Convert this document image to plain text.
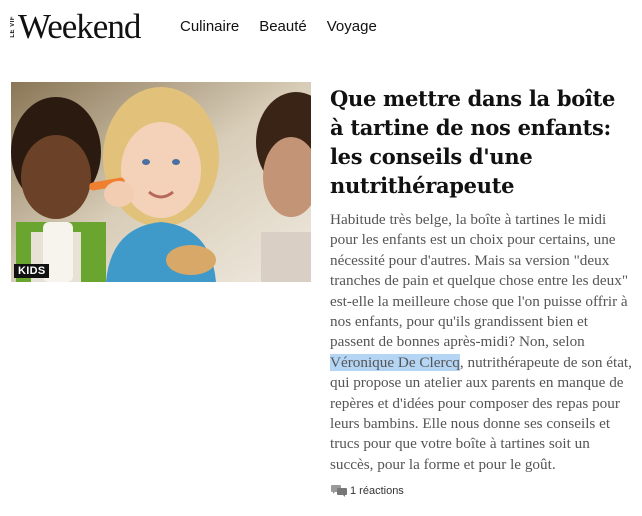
LE VIF Weekend	Culinaire Beauté Voyage
KIDS
Que mettre dans la boîte à tartine de nos enfants: les conseils d'une nutrithérapeute
Habitude très belge, la boîte à tartines le midi pour les enfants est un choix pour certains, une nécessité pour d'autres. Mais sa version "deux tranches de pain et quelque chose entre les deux" est-elle la meilleure chose que l'on puisse offrir à nos enfants, pour qu'ils grandissent bien et passent de bonnes après-midi? Non, selon Véronique De Clercq, nutrithérapeute de son état, qui propose un atelier aux parents en manque de repères et d'idées pour composer des repas pour leurs bambins. Elle nous donne ses conseils et trucs pour que votre boîte à tartines soit un succès, pour la forme et pour le goût.
1 réactions
